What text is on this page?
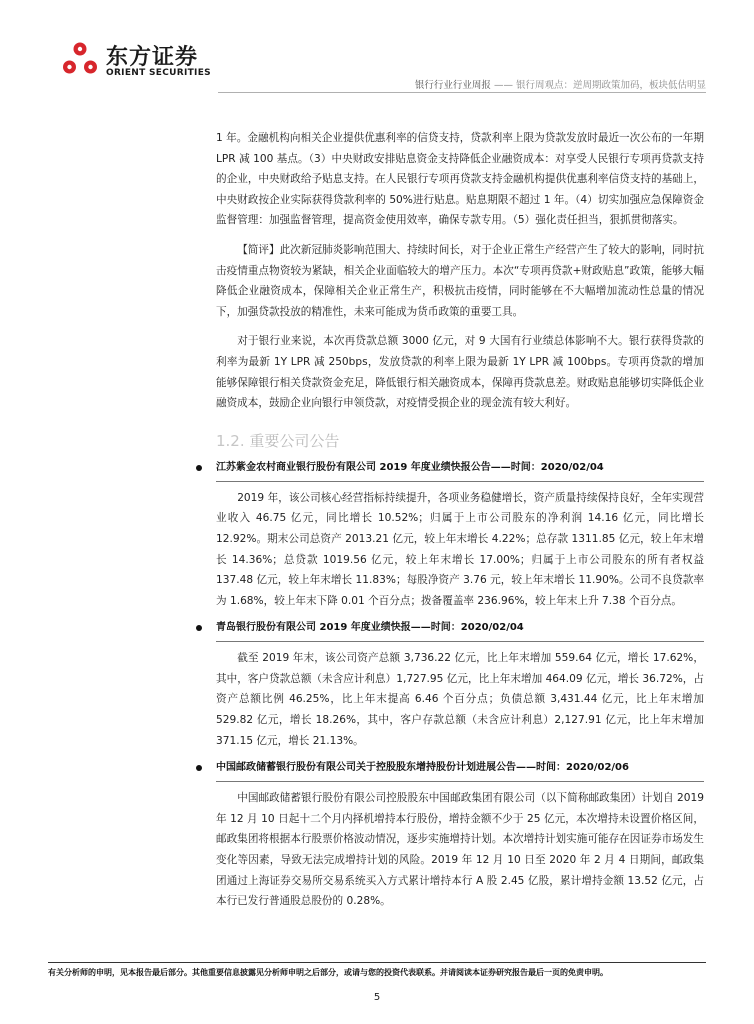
东方证券
ORIENT SECURITIES
银行行业行业周报 —— 银行周观点：逆周期政策加码，板块低估明显

1 年。金融机构向相关企业提供优惠利率的信贷支持，贷款利率上限为贷款发放时最近一次公布的一年期 LPR 减 100 基点。（3）中央财政安排贴息资金支持降低企业融资成本：对享受人民银行专项再贷款支持的企业，中央财政给予贴息支持。在人民银行专项再贷款支持金融机构提供优惠利率信贷支持的基础上，中央财政按企业实际获得贷款利率的 50%进行贴息。贴息期限不超过 1 年。（4）切实加强应急保障资金监督管理：加强监督管理，提高资金使用效率，确保专款专用。（5）强化责任担当，狠抓贯彻落实。

【简评】此次新冠肺炎影响范围大、持续时间长，对于企业正常生产经营产生了较大的影响，同时抗击疫情重点物资较为紧缺，相关企业面临较大的增产压力。本次“专项再贷款+财政贴息”政策，能够大幅降低企业融资成本，保障相关企业正常生产，积极抗击疫情，同时能够在不大幅增加流动性总量的情况下，加强贷款投放的精准性，未来可能成为货币政策的重要工具。

对于银行业来说，本次再贷款总额 3000 亿元，对 9 大国有行业绩总体影响不大。银行获得贷款的利率为最新 1Y LPR 减 250bps，发放贷款的利率上限为最新 1Y LPR 减 100bps。专项再贷款的增加能够保障银行相关贷款资金充足，降低银行相关融资成本，保障再贷款息差。财政贴息能够切实降低企业融资成本，鼓励企业向银行申领贷款，对疫情受损企业的现金流有较大利好。

1.2. 重要公司公告
江苏紫金农村商业银行股份有限公司 2019 年度业绩快报公告——时间：2020/02/04

2019 年，该公司核心经营指标持续提升，各项业务稳健增长，资产质量持续保持良好，全年实现营业收入 46.75 亿元，同比增长 10.52%；归属于上市公司股东的净利润 14.16 亿元，同比增长 12.92%。期末公司总资产 2013.21 亿元，较上年末增长 4.22%；总存款 1311.85 亿元，较上年末增长 14.36%；总贷款 1019.56 亿元，较上年末增长 17.00%；归属于上市公司股东的所有者权益 137.48 亿元，较上年末增长 11.83%；每股净资产 3.76 元，较上年末增长 11.90%。公司不良贷款率为 1.68%，较上年末下降 0.01 个百分点；拨备覆盖率 236.96%，较上年末上升 7.38 个百分点。

青岛银行股份有限公司 2019 年度业绩快报——时间：2020/02/04

截至 2019 年末，该公司资产总额 3,736.22 亿元，比上年末增加 559.64 亿元，增长 17.62%，其中，客户贷款总额（未含应计利息）1,727.95 亿元，比上年末增加 464.09 亿元，增长 36.72%，占资产总额比例 46.25%，比上年末提高 6.46 个百分点；负债总额 3,431.44 亿元，比上年末增加 529.82 亿元，增长 18.26%，其中，客户存款总额（未含应计利息）2,127.91 亿元，比上年末增加 371.15 亿元，增长 21.13%。

中国邮政储蓄银行股份有限公司关于控股股东增持股份计划进展公告——时间：2020/02/06

中国邮政储蓄银行股份有限公司控股股东中国邮政集团有限公司（以下简称邮政集团）计划自 2019 年 12 月 10 日起十二个月内择机增持本行股份，增持金额不少于 25 亿元，本次增持未设置价格区间，邮政集团将根据本行股票价格波动情况，逐步实施增持计划。本次增持计划实施可能存在因证券市场发生变化等因素，导致无法完成增持计划的风险。2019 年 12 月 10 日至 2020 年 2 月 4 日期间，邮政集团通过上海证券交易所交易系统买入方式累计增持本行 A 股 2.45 亿股，累计增持金额 13.52 亿元，占本行已发行普通股总股份的 0.28%。

有关分析师的申明，见本报告最后部分。其他重要信息披露见分析师申明之后部分，或请与您的投资代表联系。并请阅读本证券研究报告最后一页的免责申明。
5
